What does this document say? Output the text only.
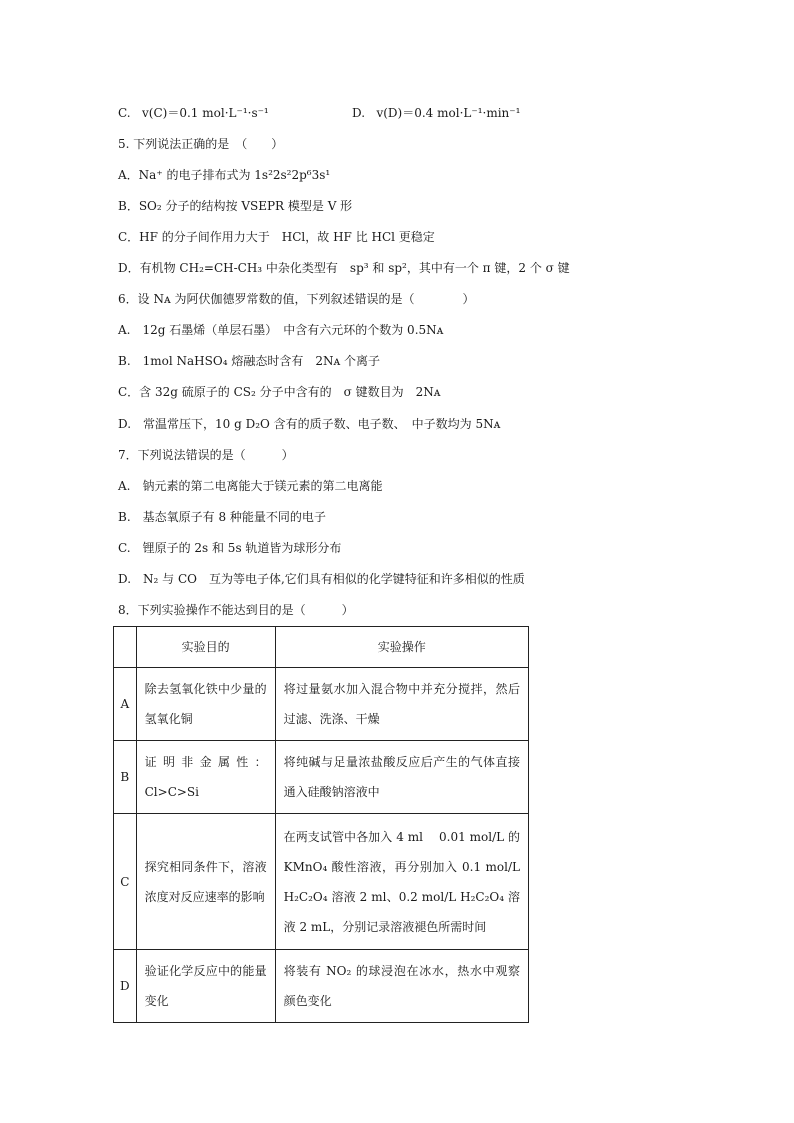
C. v(C)＝0.1 mol·L⁻¹·s⁻¹	D. v(D)＝0.4 mol·L⁻¹·min⁻¹
5. 下列说法正确的是　（　　）
A．Na⁺ 的电子排布式为 1s²2s²2p⁶3s¹
B．SO₂ 分子的结构按 VSEPR 模型是 V 形
C．HF 的分子间作用力大于　HCl，故 HF 比 HCl 更稳定
D．有机物 CH₂=CH-CH₃ 中杂化类型有　sp³ 和 sp²，其中有一个 π 键，2 个 σ 键
6．设 Nᴀ 为阿伏伽德罗常数的值，下列叙述错误的是（　　　　）
A.　12g 石墨烯（单层石墨）　中含有六元环的个数为 0.5Nᴀ
B.　1mol NaHSO₄ 熔融态时含有　2Nᴀ 个离子
C．含 32g 硫原子的 CS₂ 分子中含有的　σ 键数目为　2Nᴀ
D.　常温常压下，10 g D₂O 含有的质子数、电子数、　中子数均为 5Nᴀ
7．下列说法错误的是（　　　）
A.　钠元素的第二电离能大于镁元素的第二电离能
B.　基态氧原子有 8 种能量不同的电子
C.　锂原子的 2s 和 5s 轨道皆为球形分布
D.　N₂ 与 CO　互为等电子体,它们具有相似的化学键特征和许多相似的性质
8．下列实验操作不能达到目的是（　　　）
	实验目的	实验操作
A	除去氢氧化铁中少量的氢氧化铜	将过量氨水加入混合物中并充分搅拌，然后过滤、洗涤、干燥
B	证 明 非 金 属 性 ：Cl>C>Si	将纯碱与足量浓盐酸反应后产生的气体直接通入硅酸钠溶液中
C	探究相同条件下，溶液浓度对反应速率的影响	在两支试管中各加入 4 ml　 0.01 mol/L 的 KMnO₄ 酸性溶液，再分别加入 0.1 mol/L H₂C₂O₄ 溶液 2 ml、0.2 mol/L H₂C₂O₄ 溶液 2 mL，分别记录溶液褪色所需时间
D	验证化学反应中的能量变化	将装有 NO₂ 的球浸泡在冰水，热水中观察颜色变化
